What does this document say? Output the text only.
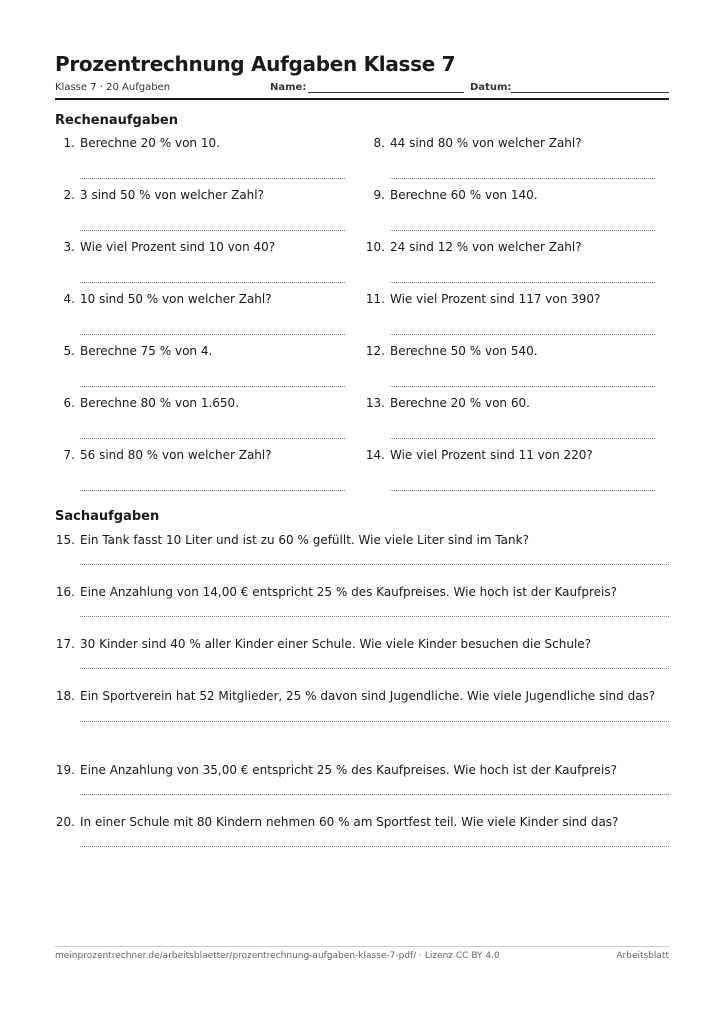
Prozentrechnung Aufgaben Klasse 7
Klasse 7 · 20 Aufgaben	Name:	Datum:
Rechenaufgaben
1. Berechne 20 % von 10.
2. 3 sind 50 % von welcher Zahl?
3. Wie viel Prozent sind 10 von 40?
4. 10 sind 50 % von welcher Zahl?
5. Berechne 75 % von 4.
6. Berechne 80 % von 1.650.
7. 56 sind 80 % von welcher Zahl?
8. 44 sind 80 % von welcher Zahl?
9. Berechne 60 % von 140.
10. 24 sind 12 % von welcher Zahl?
11. Wie viel Prozent sind 117 von 390?
12. Berechne 50 % von 540.
13. Berechne 20 % von 60.
14. Wie viel Prozent sind 11 von 220?
Sachaufgaben
15. Ein Tank fasst 10 Liter und ist zu 60 % gefüllt. Wie viele Liter sind im Tank?
16. Eine Anzahlung von 14,00 € entspricht 25 % des Kaufpreises. Wie hoch ist der Kaufpreis?
17. 30 Kinder sind 40 % aller Kinder einer Schule. Wie viele Kinder besuchen die Schule?
18. Ein Sportverein hat 52 Mitglieder, 25 % davon sind Jugendliche. Wie viele Jugendliche sind das?
19. Eine Anzahlung von 35,00 € entspricht 25 % des Kaufpreises. Wie hoch ist der Kaufpreis?
20. In einer Schule mit 80 Kindern nehmen 60 % am Sportfest teil. Wie viele Kinder sind das?
meinprozentrechner.de/arbeitsblaetter/prozentrechnung-aufgaben-klasse-7-pdf/ · Lizenz CC BY 4.0	Arbeitsblatt
